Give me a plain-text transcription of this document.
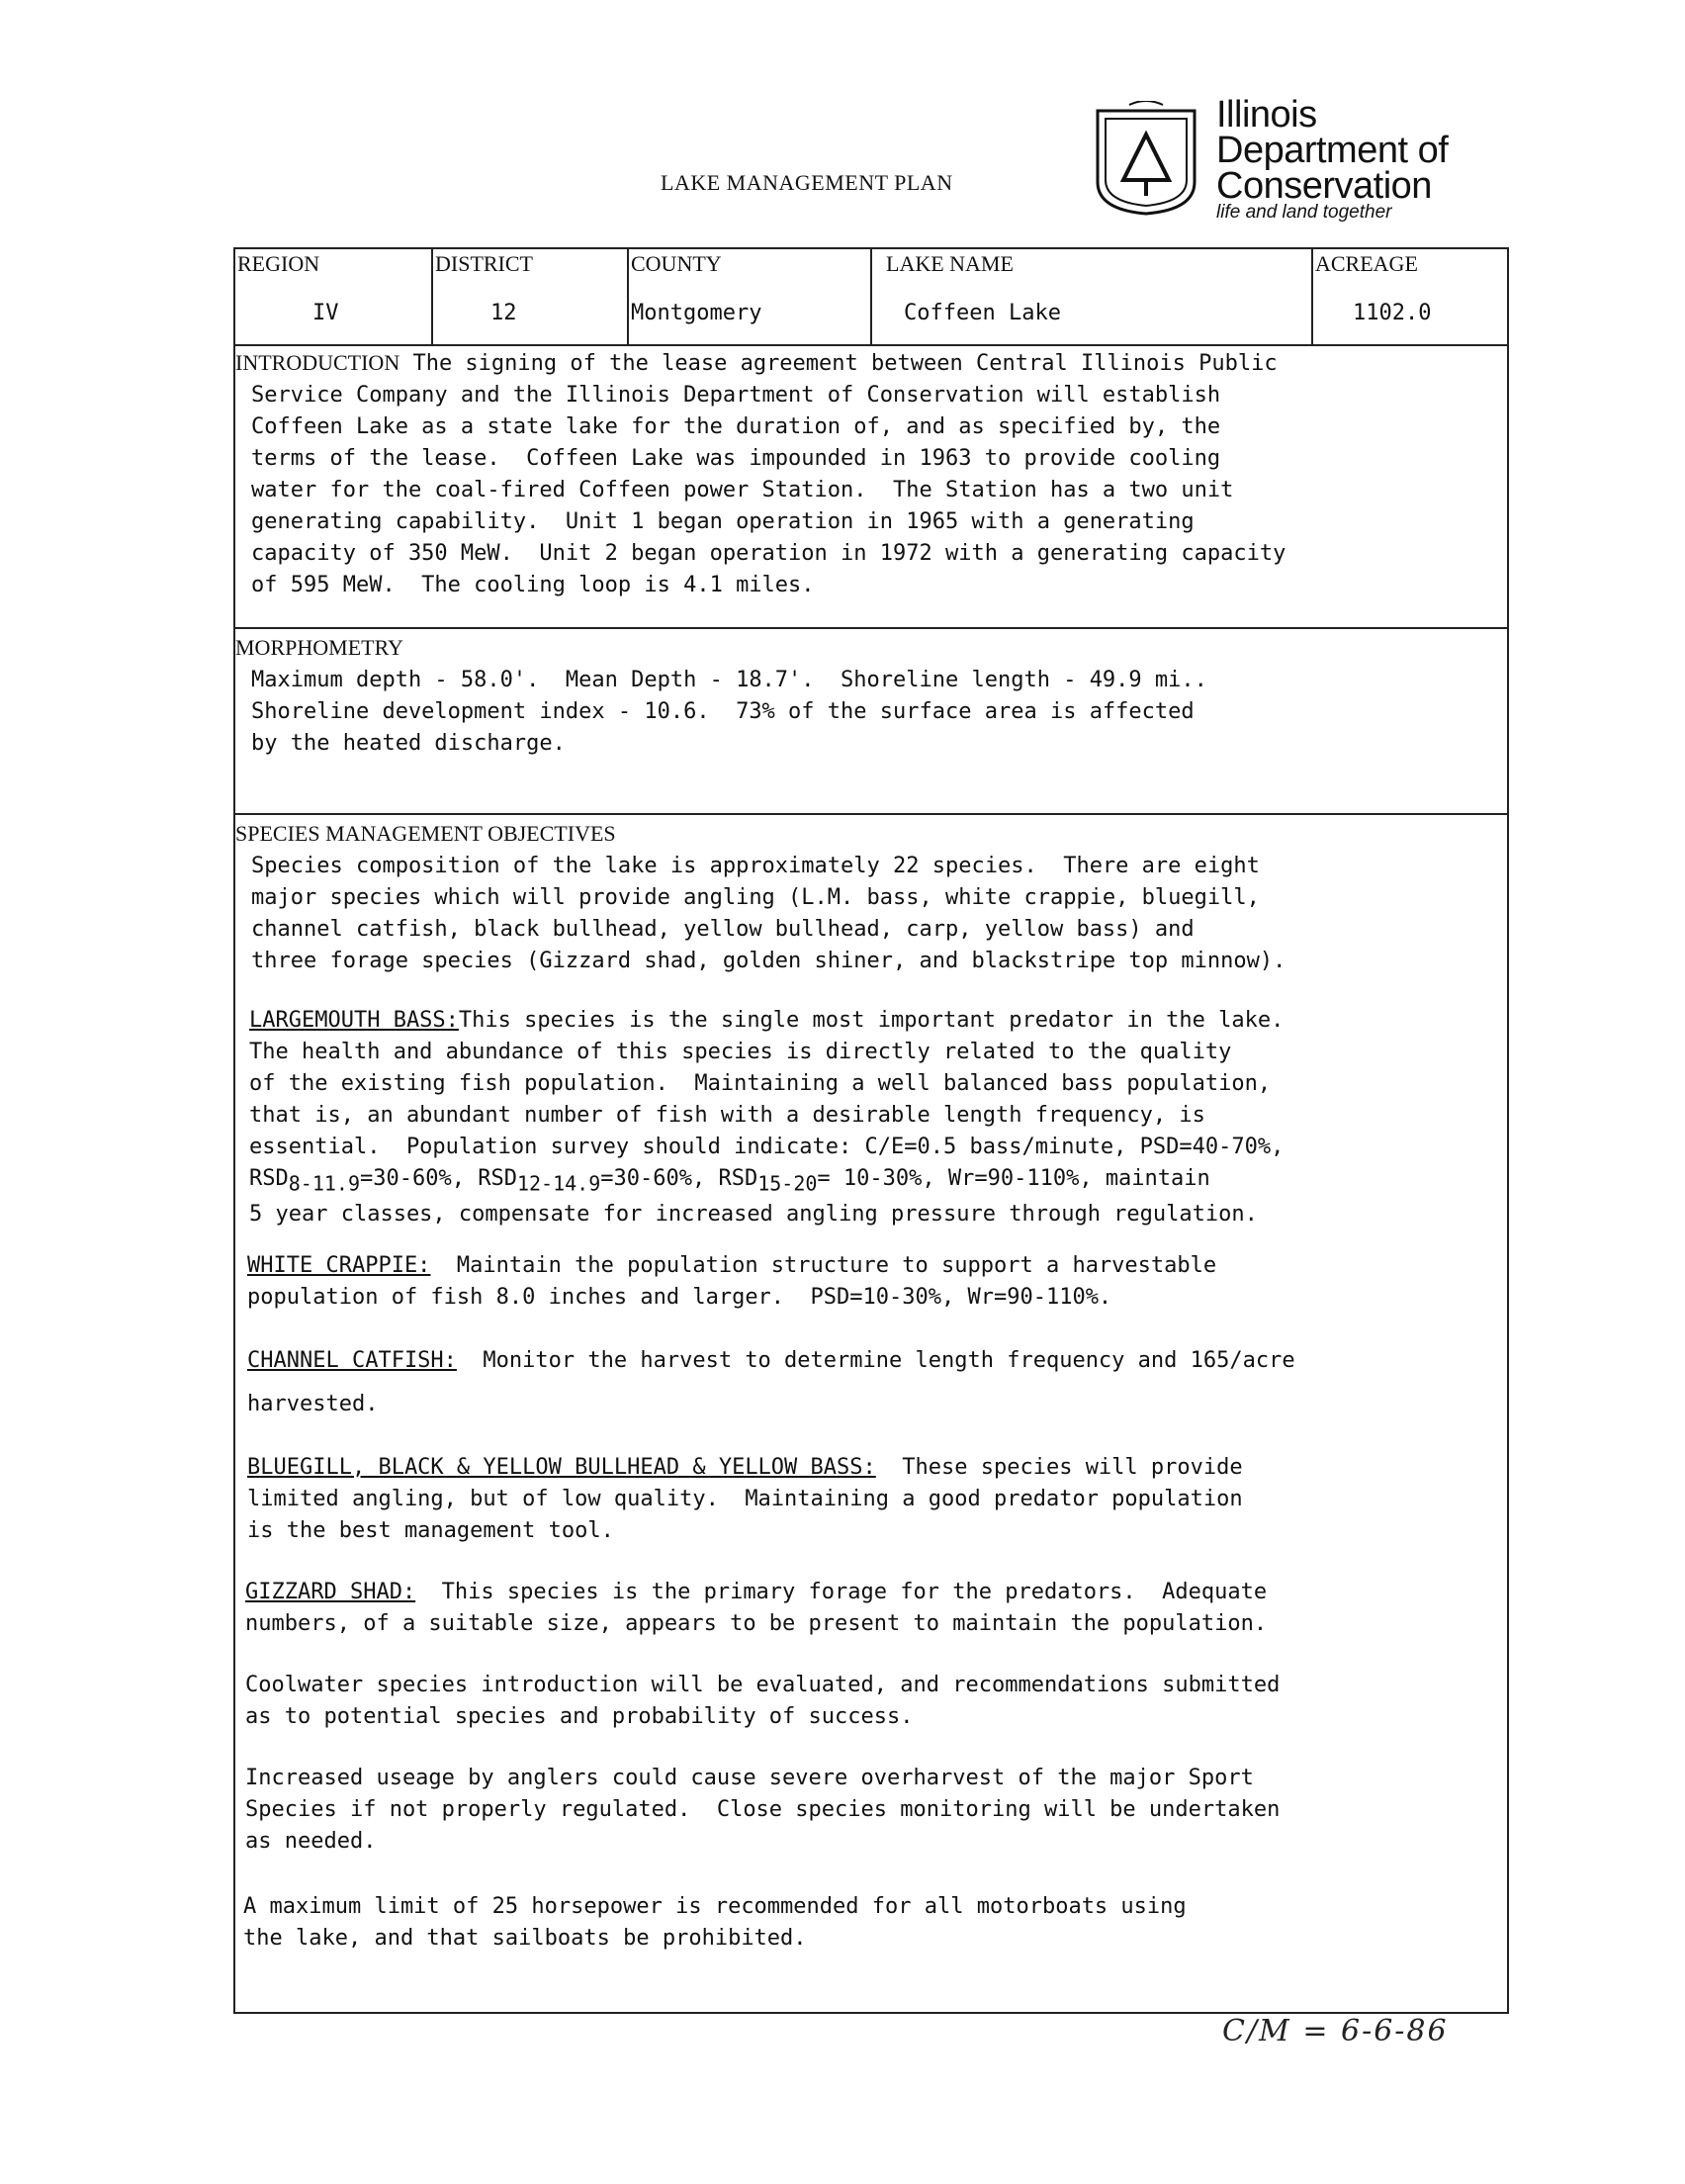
LAKE MANAGEMENT PLAN
Illinois
Department of
Conservation
life and land together
REGION
IV
DISTRICT
12
COUNTY
Montgomery
LAKE NAME
Coffeen Lake
ACREAGE
1102.0
INTRODUCTION The signing of the lease agreement between Central Illinois Public
Service Company and the Illinois Department of Conservation will establish
Coffeen Lake as a state lake for the duration of, and as specified by, the
terms of the lease.  Coffeen Lake was impounded in 1963 to provide cooling
water for the coal-fired Coffeen power Station.  The Station has a two unit
generating capability.  Unit 1 began operation in 1965 with a generating
capacity of 350 MeW.  Unit 2 began operation in 1972 with a generating capacity
of 595 MeW.  The cooling loop is 4.1 miles.
MORPHOMETRY
Maximum depth - 58.0'.  Mean Depth - 18.7'.  Shoreline length - 49.9 mi..
Shoreline development index - 10.6.  73% of the surface area is affected
by the heated discharge.
SPECIES MANAGEMENT OBJECTIVES
Species composition of the lake is approximately 22 species.  There are eight
major species which will provide angling (L.M. bass, white crappie, bluegill,
channel catfish, black bullhead, yellow bullhead, carp, yellow bass) and
three forage species (Gizzard shad, golden shiner, and blackstripe top minnow).
LARGEMOUTH BASS:This species is the single most important predator in the lake.
The health and abundance of this species is directly related to the quality
of the existing fish population.  Maintaining a well balanced bass population,
that is, an abundant number of fish with a desirable length frequency, is
essential.  Population survey should indicate: C/E=0.5 bass/minute, PSD=40-70%,
$RSD_{8-11.9}=30-60\%$, $RSD_{12-14.9}=30-60\%$, $RSD_{15-20}= 10-30\%$, Wr=90-110%, maintain
5 year classes, compensate for increased angling pressure through regulation.
WHITE CRAPPIE:  Maintain the population structure to support a harvestable
population of fish 8.0 inches and larger.  PSD=10-30%, Wr=90-110%.
CHANNEL CATFISH:  Monitor the harvest to determine length frequency and 165/acre
harvested.
BLUEGILL, BLACK & YELLOW BULLHEAD & YELLOW BASS:  These species will provide
limited angling, but of low quality.  Maintaining a good predator population
is the best management tool.
GIZZARD SHAD:  This species is the primary forage for the predators.  Adequate
numbers, of a suitable size, appears to be present to maintain the population.
Coolwater species introduction will be evaluated, and recommendations submitted
as to potential species and probability of success.
Increased useage by anglers could cause severe overharvest of the major Sport
Species if not properly regulated.  Close species monitoring will be undertaken
as needed.
A maximum limit of 25 horsepower is recommended for all motorboats using
the lake, and that sailboats be prohibited.
C/M = 6-6-86
